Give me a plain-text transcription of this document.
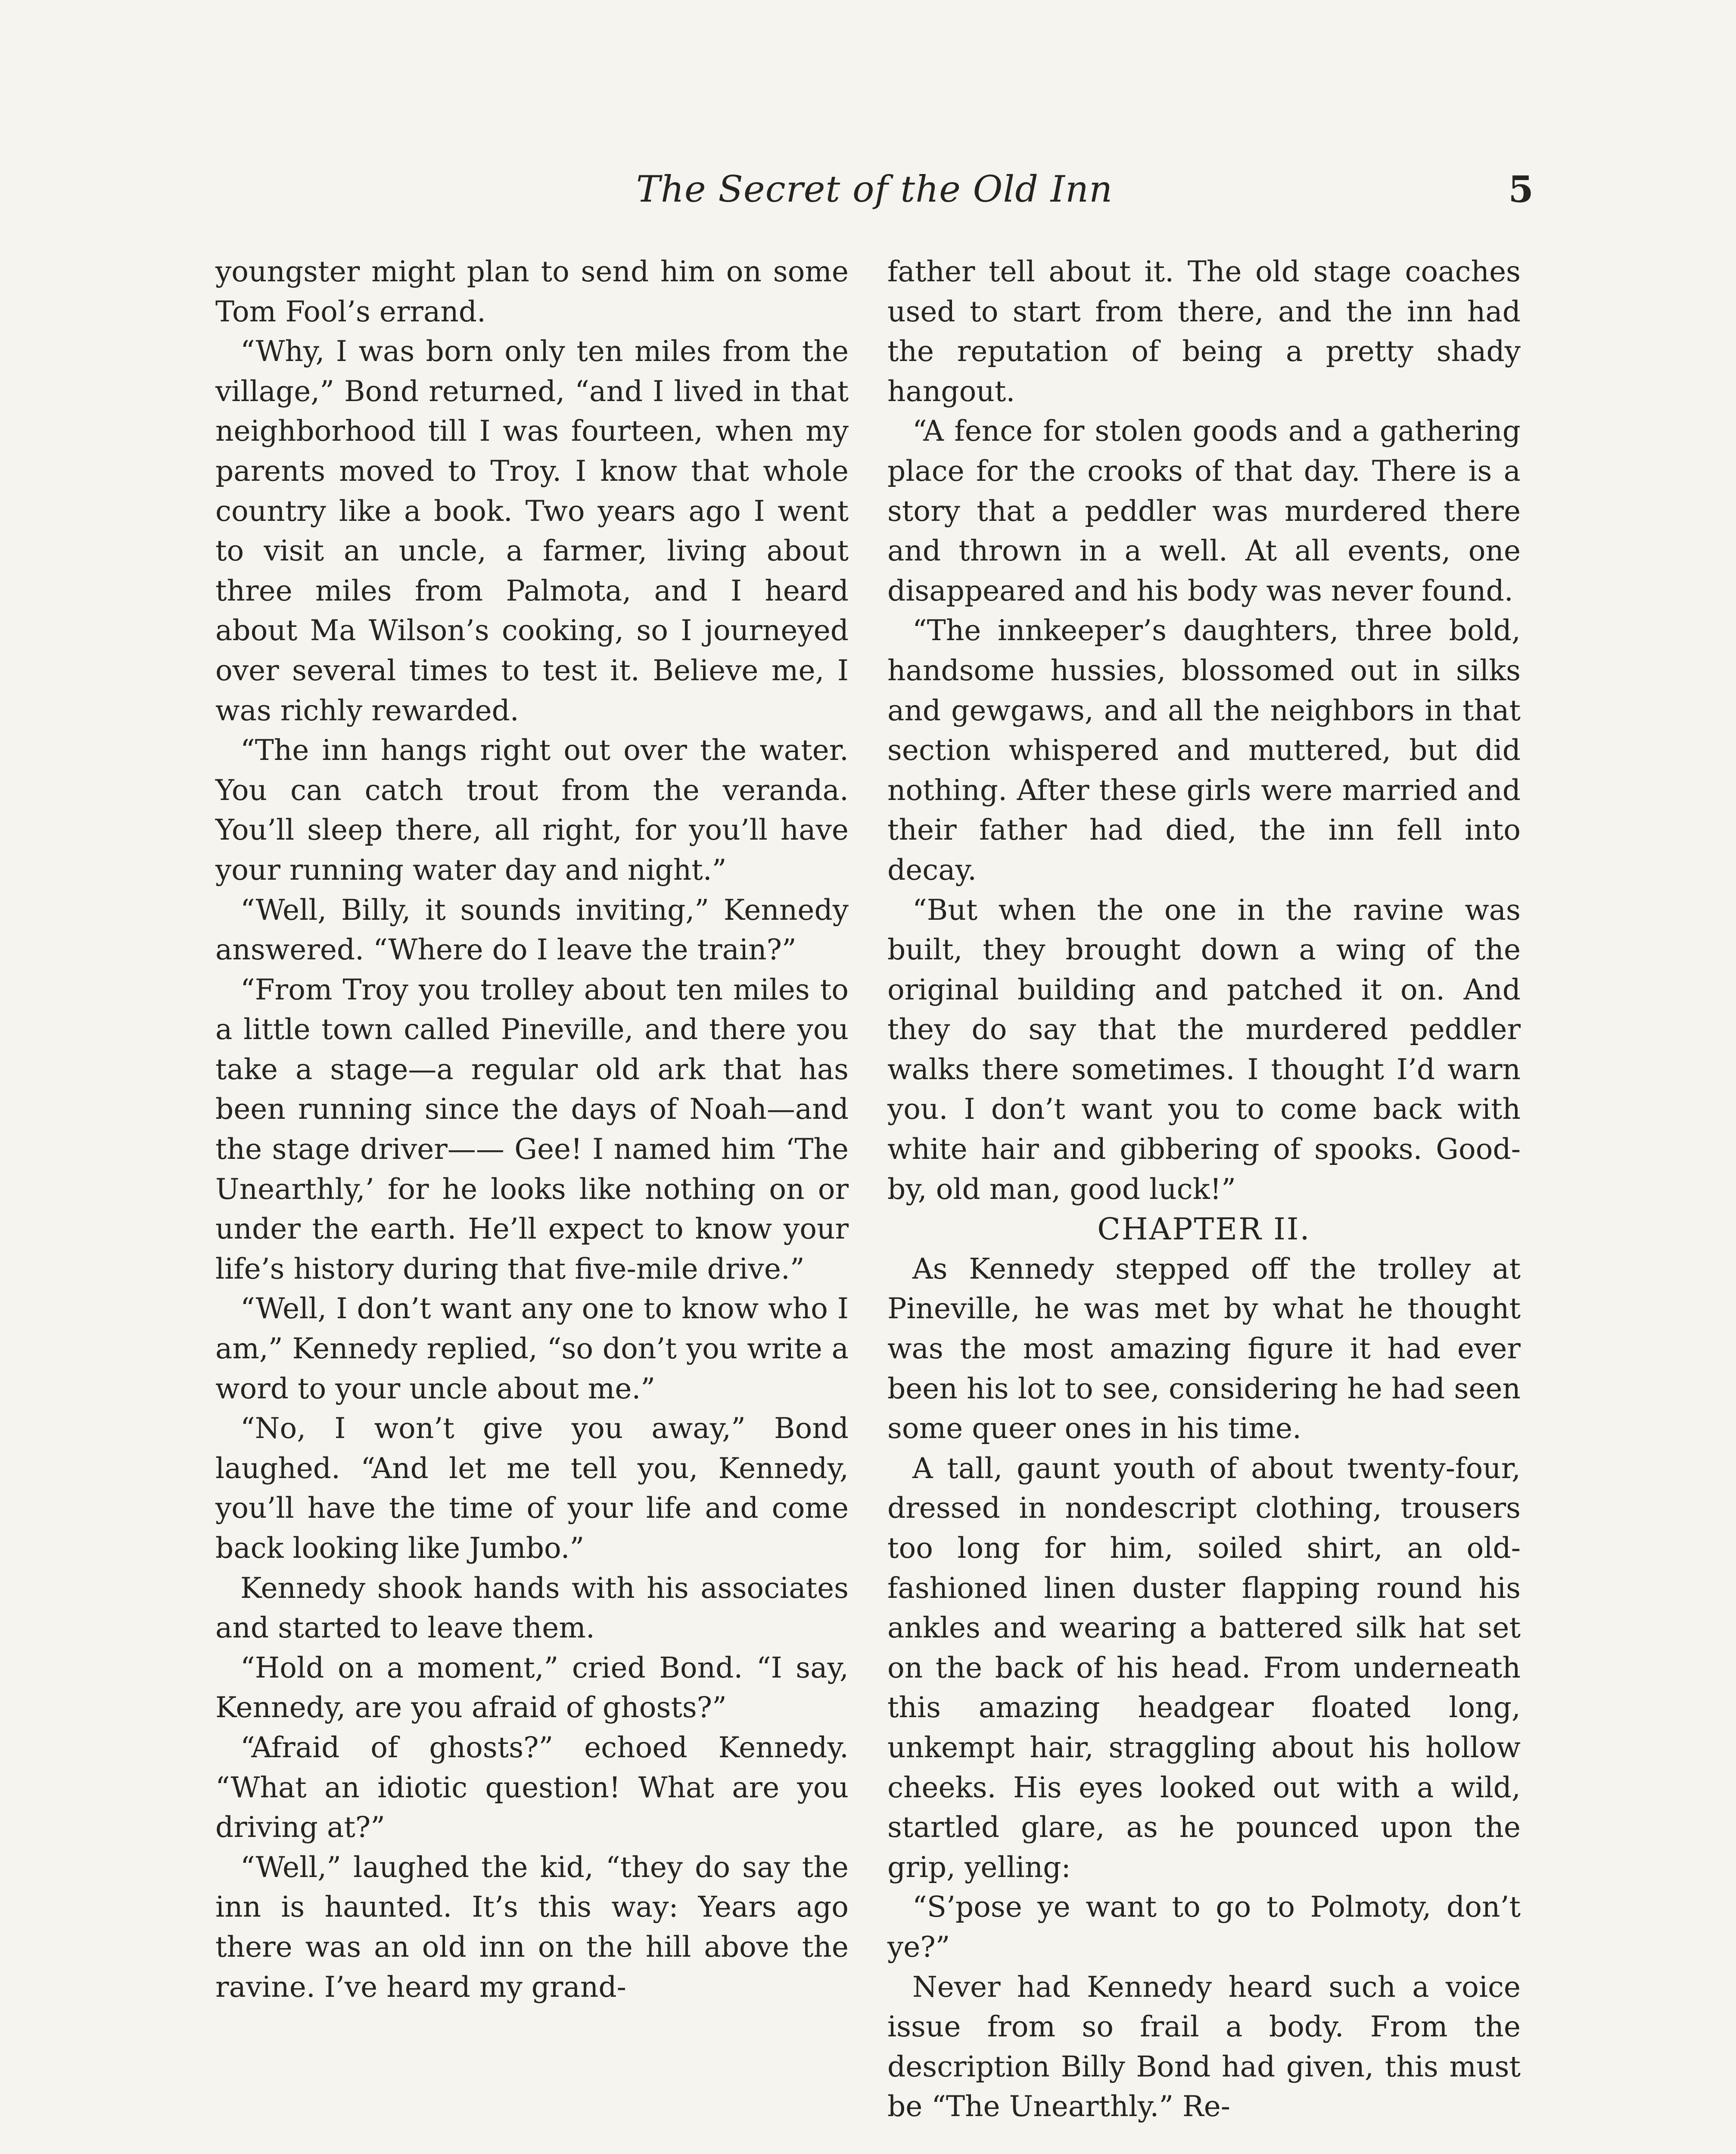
The Secret of the Old Inn	5

youngster might plan to send him on some Tom Fool’s errand.

“Why, I was born only ten miles from the village,” Bond returned, “and I lived in that neighborhood till I was fourteen, when my parents moved to Troy. I know that whole country like a book. Two years ago I went to visit an uncle, a farmer, living about three miles from Palmota, and I heard about Ma Wilson’s cooking, so I journeyed over several times to test it. Believe me, I was richly rewarded.

“The inn hangs right out over the water. You can catch trout from the veranda. You’ll sleep there, all right, for you’ll have your running water day and night.”

“Well, Billy, it sounds inviting,” Kennedy answered. “Where do I leave the train?”

“From Troy you trolley about ten miles to a little town called Pineville, and there you take a stage—a regular old ark that has been running since the days of Noah—and the stage driver—— Gee! I named him ‘The Unearthly,’ for he looks like nothing on or under the earth. He’ll expect to know your life’s history during that five-mile drive.”

“Well, I don’t want any one to know who I am,” Kennedy replied, “so don’t you write a word to your uncle about me.”

“No, I won’t give you away,” Bond laughed. “And let me tell you, Kennedy, you’ll have the time of your life and come back looking like Jumbo.”

Kennedy shook hands with his associates and started to leave them.

“Hold on a moment,” cried Bond. “I say, Kennedy, are you afraid of ghosts?”

“Afraid of ghosts?” echoed Kennedy. “What an idiotic question! What are you driving at?”

“Well,” laughed the kid, “they do say the inn is haunted. It’s this way: Years ago there was an old inn on the hill above the ravine. I’ve heard my grand-

father tell about it. The old stage coaches used to start from there, and the inn had the reputation of being a pretty shady hangout.

“A fence for stolen goods and a gathering place for the crooks of that day. There is a story that a peddler was murdered there and thrown in a well. At all events, one disappeared and his body was never found.

“The innkeeper’s daughters, three bold, handsome hussies, blossomed out in silks and gewgaws, and all the neighbors in that section whispered and muttered, but did nothing. After these girls were married and their father had died, the inn fell into decay.

“But when the one in the ravine was built, they brought down a wing of the original building and patched it on. And they do say that the murdered peddler walks there sometimes. I thought I’d warn you. I don’t want you to come back with white hair and gibbering of spooks. Good-by, old man, good luck!”

CHAPTER II.

As Kennedy stepped off the trolley at Pineville, he was met by what he thought was the most amazing figure it had ever been his lot to see, considering he had seen some queer ones in his time.

A tall, gaunt youth of about twenty-four, dressed in nondescript clothing, trousers too long for him, soiled shirt, an old-fashioned linen duster flapping round his ankles and wearing a battered silk hat set on the back of his head. From underneath this amazing headgear floated long, unkempt hair, straggling about his hollow cheeks. His eyes looked out with a wild, startled glare, as he pounced upon the grip, yelling:

“S’pose ye want to go to Polmoty, don’t ye?”

Never had Kennedy heard such a voice issue from so frail a body. From the description Billy Bond had given, this must be “The Unearthly.” Re-
